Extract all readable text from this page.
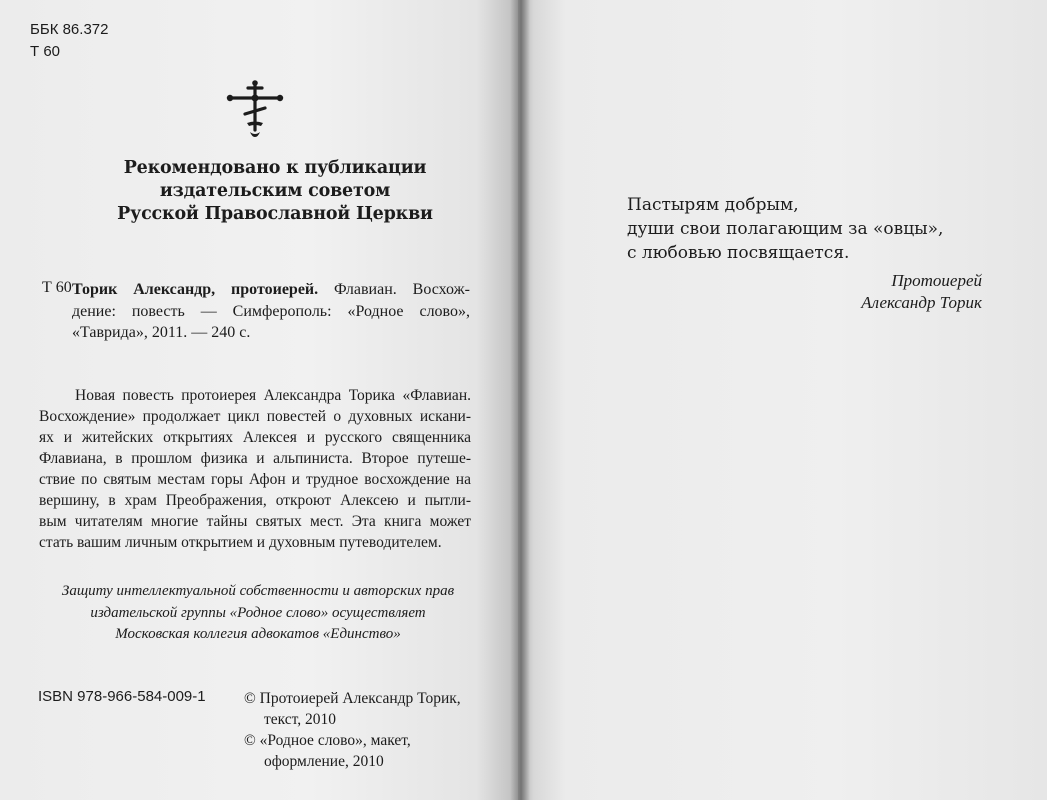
ББК 86.372
Т 60
Рекомендовано к публикации
издательским советом
Русской Православной Церкви
Т 60 Торик Александр, протоиерей. Флавиан. Восхож-
дение: повесть — Симферополь: «Родное слово»,
«Таврида», 2011. — 240 с.
Новая повесть протоиерея Александра Торика «Флавиан.
Восхождение» продолжает цикл повестей о духовных искани-
ях и житейских открытиях Алексея и русского священника
Флавиана, в прошлом физика и альпиниста. Второе путеше-
ствие по святым местам горы Афон и трудное восхождение на
вершину, в храм Преображения, откроют Алексею и пытли-
вым читателям многие тайны святых мест. Эта книга может
стать вашим личным открытием и духовным путеводителем.
Защиту интеллектуальной собственности и авторских прав
издательской группы «Родное слово» осуществляет
Московская коллегия адвокатов «Единство»
ISBN 978-966-584-009-1 © Протоиерей Александр Торик,
текст, 2010
© «Родное слово», макет,
оформление, 2010
Пастырям добрым,
души свои полагающим за «овцы»,
с любовью посвящается.
Протоиерей
Александр Торик
